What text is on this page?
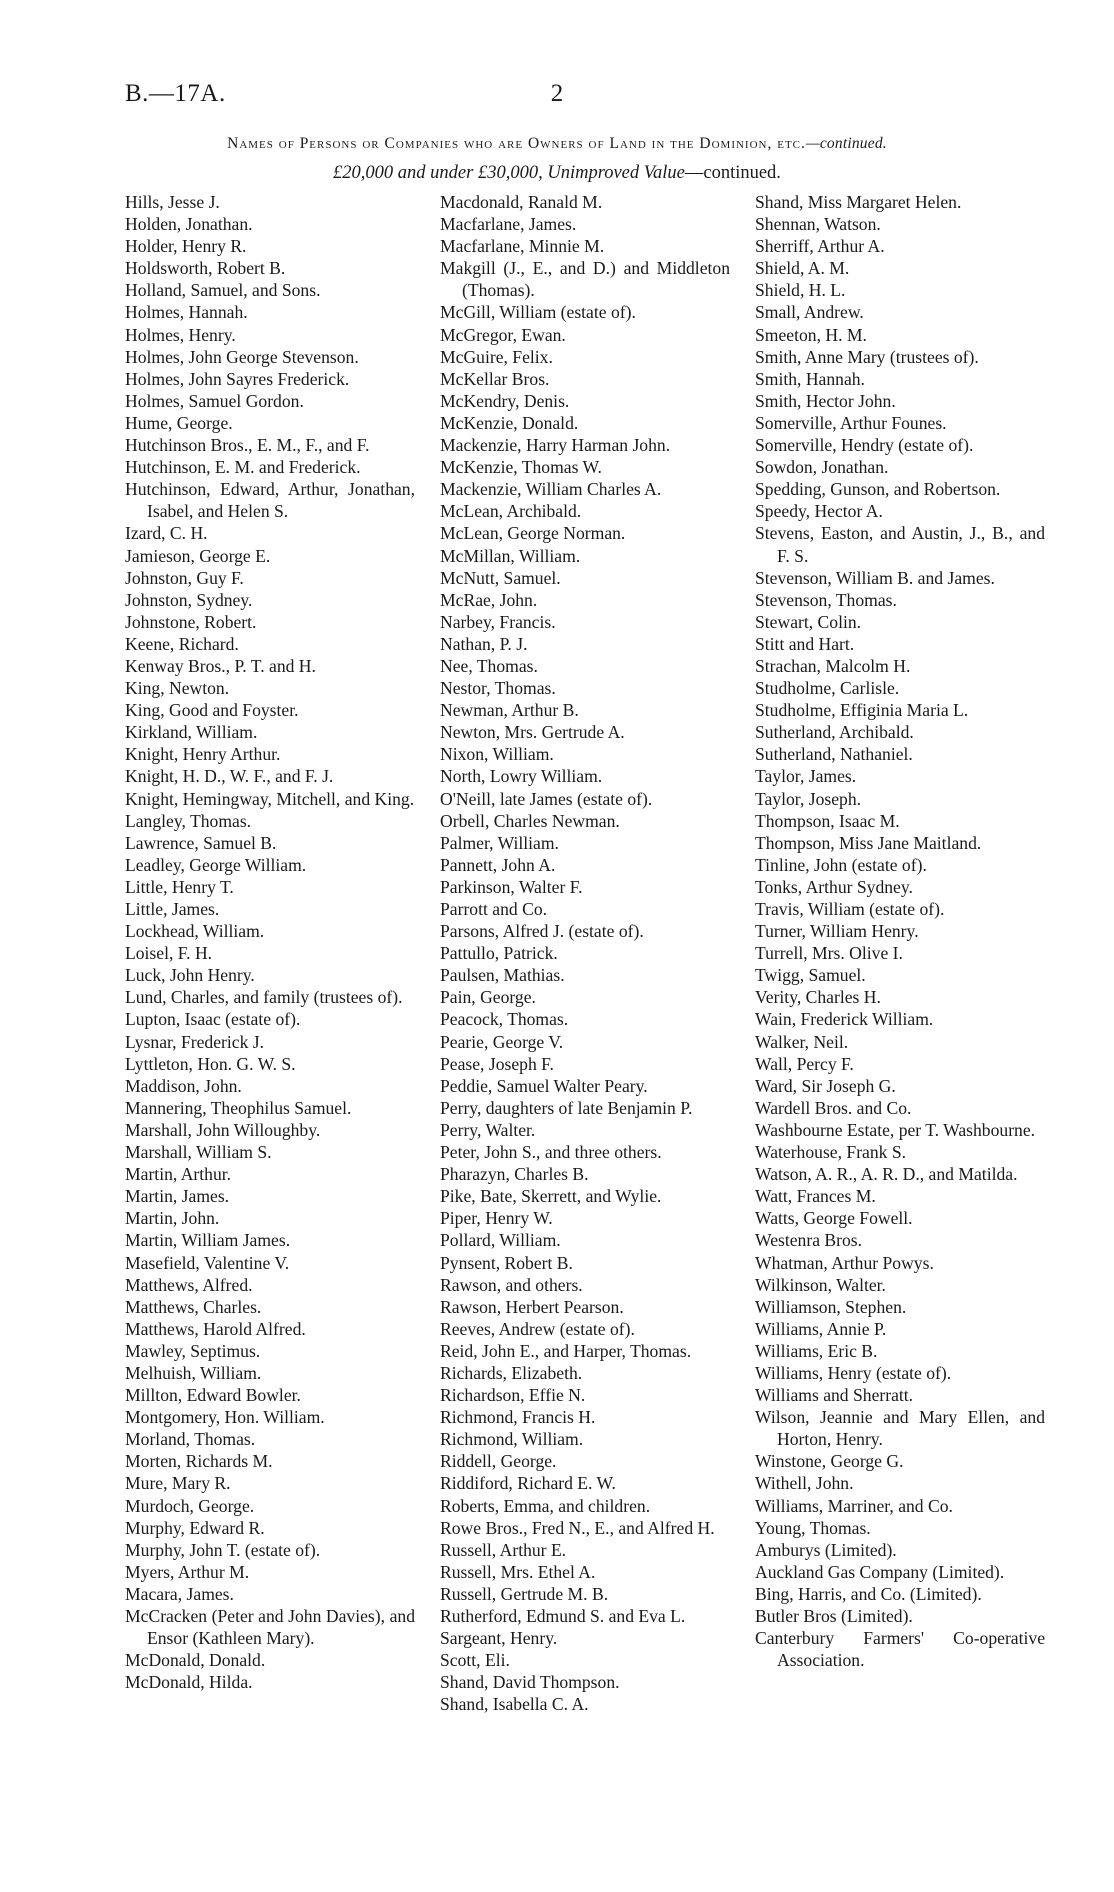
B.—17A.	2
Names of Persons or Companies who are Owners of Land in the Dominion, etc.—continued.
£20,000 and under £30,000, Unimproved Value—continued.
Hills, Jesse J.
Holden, Jonathan.
Holder, Henry R.
Holdsworth, Robert B.
Holland, Samuel, and Sons.
Holmes, Hannah.
Holmes, Henry.
Holmes, John George Stevenson.
Holmes, John Sayres Frederick.
Holmes, Samuel Gordon.
Hume, George.
Hutchinson Bros., E. M., F., and F.
Hutchinson, E. M. and Frederick.
Hutchinson, Edward, Arthur, Jonathan, Isabel, and Helen S.
Izard, C. H.
Jamieson, George E.
Johnston, Guy F.
Johnston, Sydney.
Johnstone, Robert.
Keene, Richard.
Kenway Bros., P. T. and H.
King, Newton.
King, Good and Foyster.
Kirkland, William.
Knight, Henry Arthur.
Knight, H. D., W. F., and F. J.
Knight, Hemingway, Mitchell, and King.
Langley, Thomas.
Lawrence, Samuel B.
Leadley, George William.
Little, Henry T.
Little, James.
Lockhead, William.
Loisel, F. H.
Luck, John Henry.
Lund, Charles, and family (trustees of).
Lupton, Isaac (estate of).
Lysnar, Frederick J.
Lyttleton, Hon. G. W. S.
Maddison, John.
Mannering, Theophilus Samuel.
Marshall, John Willoughby.
Marshall, William S.
Martin, Arthur.
Martin, James.
Martin, John.
Martin, William James.
Masefield, Valentine V.
Matthews, Alfred.
Matthews, Charles.
Matthews, Harold Alfred.
Mawley, Septimus.
Melhuish, William.
Millton, Edward Bowler.
Montgomery, Hon. William.
Morland, Thomas.
Morten, Richards M.
Mure, Mary R.
Murdoch, George.
Murphy, Edward R.
Murphy, John T. (estate of).
Myers, Arthur M.
Macara, James.
McCracken (Peter and John Davies), and Ensor (Kathleen Mary).
McDonald, Donald.
McDonald, Hilda.
Macdonald, Ranald M.
Macfarlane, James.
Macfarlane, Minnie M.
Makgill (J., E., and D.) and Middleton (Thomas).
McGill, William (estate of).
McGregor, Ewan.
McGuire, Felix.
McKellar Bros.
McKendry, Denis.
McKenzie, Donald.
Mackenzie, Harry Harman John.
McKenzie, Thomas W.
Mackenzie, William Charles A.
McLean, Archibald.
McLean, George Norman.
McMillan, William.
McNutt, Samuel.
McRae, John.
Narbey, Francis.
Nathan, P. J.
Nee, Thomas.
Nestor, Thomas.
Newman, Arthur B.
Newton, Mrs. Gertrude A.
Nixon, William.
North, Lowry William.
O'Neill, late James (estate of).
Orbell, Charles Newman.
Palmer, William.
Pannett, John A.
Parkinson, Walter F.
Parrott and Co.
Parsons, Alfred J. (estate of).
Pattullo, Patrick.
Paulsen, Mathias.
Pain, George.
Peacock, Thomas.
Pearie, George V.
Pease, Joseph F.
Peddie, Samuel Walter Peary.
Perry, daughters of late Benjamin P.
Perry, Walter.
Peter, John S., and three others.
Pharazyn, Charles B.
Pike, Bate, Skerrett, and Wylie.
Piper, Henry W.
Pollard, William.
Pynsent, Robert B.
Rawson, and others.
Rawson, Herbert Pearson.
Reeves, Andrew (estate of).
Reid, John E., and Harper, Thomas.
Richards, Elizabeth.
Richardson, Effie N.
Richmond, Francis H.
Richmond, William.
Riddell, George.
Riddiford, Richard E. W.
Roberts, Emma, and children.
Rowe Bros., Fred N., E., and Alfred H.
Russell, Arthur E.
Russell, Mrs. Ethel A.
Russell, Gertrude M. B.
Rutherford, Edmund S. and Eva L.
Sargeant, Henry.
Scott, Eli.
Shand, David Thompson.
Shand, Isabella C. A.
Shand, Miss Margaret Helen.
Shennan, Watson.
Sherriff, Arthur A.
Shield, A. M.
Shield, H. L.
Small, Andrew.
Smeeton, H. M.
Smith, Anne Mary (trustees of).
Smith, Hannah.
Smith, Hector John.
Somerville, Arthur Founes.
Somerville, Hendry (estate of).
Sowdon, Jonathan.
Spedding, Gunson, and Robertson.
Speedy, Hector A.
Stevens, Easton, and Austin, J., B., and F. S.
Stevenson, William B. and James.
Stevenson, Thomas.
Stewart, Colin.
Stitt and Hart.
Strachan, Malcolm H.
Studholme, Carlisle.
Studholme, Effiginia Maria L.
Sutherland, Archibald.
Sutherland, Nathaniel.
Taylor, James.
Taylor, Joseph.
Thompson, Isaac M.
Thompson, Miss Jane Maitland.
Tinline, John (estate of).
Tonks, Arthur Sydney.
Travis, William (estate of).
Turner, William Henry.
Turrell, Mrs. Olive I.
Twigg, Samuel.
Verity, Charles H.
Wain, Frederick William.
Walker, Neil.
Wall, Percy F.
Ward, Sir Joseph G.
Wardell Bros. and Co.
Washbourne Estate, per T. Washbourne.
Waterhouse, Frank S.
Watson, A. R., A. R. D., and Matilda.
Watt, Frances M.
Watts, George Fowell.
Westenra Bros.
Whatman, Arthur Powys.
Wilkinson, Walter.
Williamson, Stephen.
Williams, Annie P.
Williams, Eric B.
Williams, Henry (estate of).
Williams and Sherratt.
Wilson, Jeannie and Mary Ellen, and Horton, Henry.
Winstone, George G.
Withell, John.
Williams, Marriner, and Co.
Young, Thomas.
Amburys (Limited).
Auckland Gas Company (Limited).
Bing, Harris, and Co. (Limited).
Butler Bros (Limited).
Canterbury Farmers' Co-operative Association.
